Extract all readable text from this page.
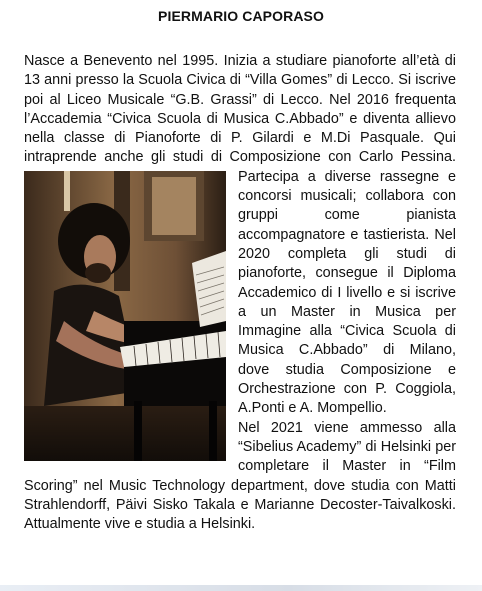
PIERMARIO CAPORASO

Nasce a Benevento nel 1995. Inizia a studiare pianoforte all’età di 13 anni presso la Scuola Civica di “Villa Gomes” di Lecco. Si iscrive poi al Liceo Musicale “G.B. Grassi” di Lecco. Nel 2016 frequenta l’Accademia “Civica Scuola di Musica C.Abbado” e diventa allievo nella classe di Pianoforte di P. Gilardi e M.Di Pasquale. Qui intraprende anche gli studi di Composizione con Carlo Pessina. Partecipa a diverse rassegne
e concorsi musicali; collabora con gruppi come pianista accompagnatore e tastierista. Nel 2020 completa gli studi di pianoforte, consegue il Diploma Accademico di I livello e si iscrive a un Master in Musica per Immagine alla “Civica Scuola di Musica C.Abbado” di Milano, dove studia Composizione e Orchestrazione con P. Coggiola, A.Ponti e A. Mompellio.

Nel 2021 viene ammesso alla “Sibelius Academy” di Helsinki per completare il Master in “Film Scoring” nel Music Technology department, dove studia con Matti Strahlendorff, Päivi Sisko Takala e Marianne Decoster-Taivalkoski. Attualmente vive e studia a Helsinki.
